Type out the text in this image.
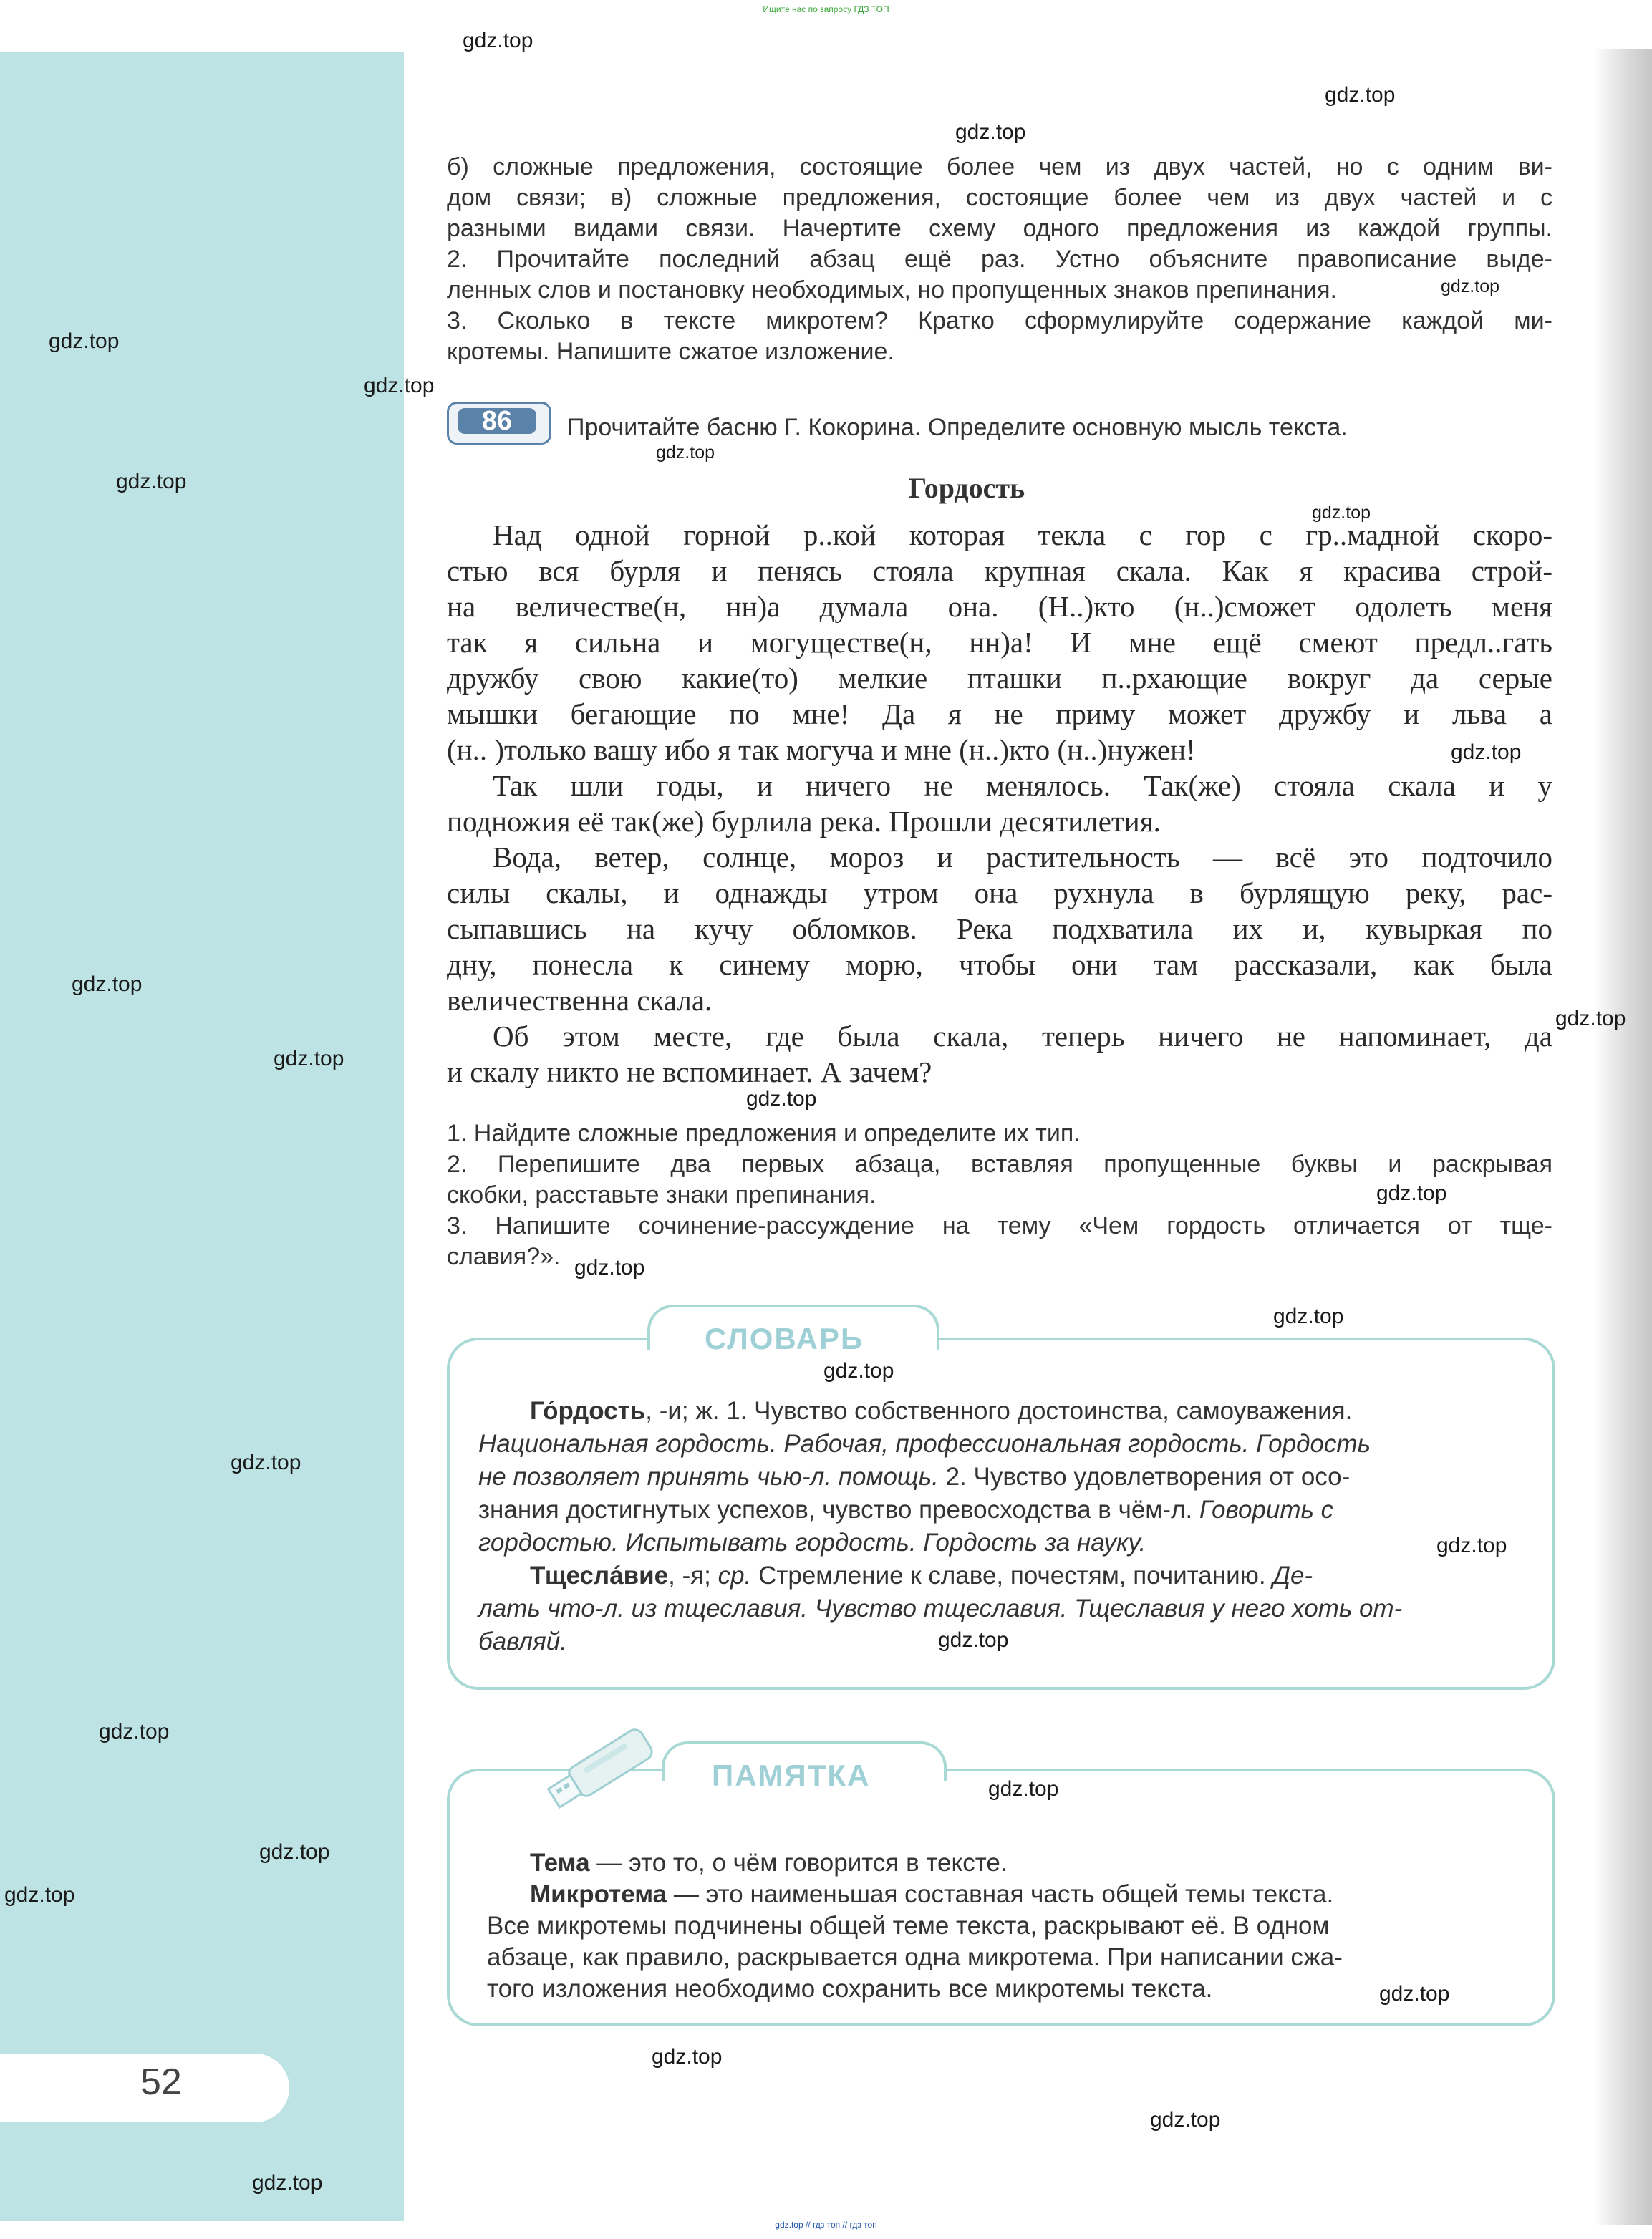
Ищите нас по запросу ГДЗ ТОП
52
б) сложные предложения, состоящие более чем из двух частей, но с одним ви-
дом связи; в) сложные предложения, состоящие более чем из двух частей и с
разными видами связи. Начертите схему одного предложения из каждой группы.
2. Прочитайте последний абзац ещё раз. Устно объясните правописание выде-
ленных слов и постановку необходимых, но пропущенных знаков препинания.
3. Сколько в тексте микротем? Кратко сформулируйте содержание каждой ми-
кротемы. Напишите сжатое изложение.
86	Прочитайте басню Г. Кокорина. Определите основную мысль текста.
Гордость
Над одной горной р..кой которая текла с гор с гр..мадной скоро-
стью вся бурля и пенясь стояла крупная скала. Как я красива строй-
на величестве(н, нн)а думала она. (Н..)кто (н..)сможет одолеть меня
так я сильна и могуществе(н, нн)а! И мне ещё смеют предл..гать
дружбу свою какие(то) мелкие пташки п..рхающие вокруг да серые
мышки бегающие по мне! Да я не приму может дружбу и льва а
(н.. )только вашу ибо я так могуча и мне (н..)кто (н..)нужен!
Так шли годы, и ничего не менялось. Так(же) стояла скала и у
подножия её так(же) бурлила река. Прошли десятилетия.
Вода, ветер, солнце, мороз и растительность — всё это подточило
силы скалы, и однажды утром она рухнула в бурлящую реку, рас-
сыпавшись на кучу обломков. Река подхватила их и, кувыркая по
дну, понесла к синему морю, чтобы они там рассказали, как была
величественна скала.
Об этом месте, где была скала, теперь ничего не напоминает, да
и скалу никто не вспоминает. А зачем?
1. Найдите сложные предложения и определите их тип.
2. Перепишите два первых абзаца, вставляя пропущенные буквы и раскрывая
скобки, расставьте знаки препинания.
3. Напишите сочинение-рассуждение на тему «Чем гордость отличается от тще-
славия?».
СЛОВАРЬ
Го́рдость, -и; ж. 1. Чувство собственного достоинства, самоуважения.
Национальная гордость. Рабочая, профессиональная гордость. Гордость
не позволяет принять чью-л. помощь. 2. Чувство удовлетворения от осо-
знания достигнутых успехов, чувство превосходства в чём-л. Говорить с
гордостью. Испытывать гордость. Гордость за науку.
Тщесла́вие, -я; ср. Стремление к славе, почестям, почитанию. Де-
лать что-л. из тщеславия. Чувство тщеславия. Тщеславия у него хоть от-
бавляй.
ПАМЯТКА
Тема — это то, о чём говорится в тексте.
Микротема — это наименьшая составная часть общей темы текста.
Все микротемы подчинены общей теме текста, раскрывают её. В одном
абзаце, как правило, раскрывается одна микротема. При написании сжа-
того изложения необходимо сохранить все микротемы текста.
gdz.top
gdz.top
gdz.top
gdz.top
gdz.top
gdz.top
gdz.top
gdz.top
gdz.top
gdz.top
gdz.top
gdz.top
gdz.top
gdz.top
gdz.top
gdz.top
gdz.top
gdz.top
gdz.top
gdz.top
gdz.top
gdz.top
gdz.top
gdz.top
gdz.top
gdz.top
gdz.top
gdz.top
gdz.top
gdz.top // гдз топ // гдз топ
